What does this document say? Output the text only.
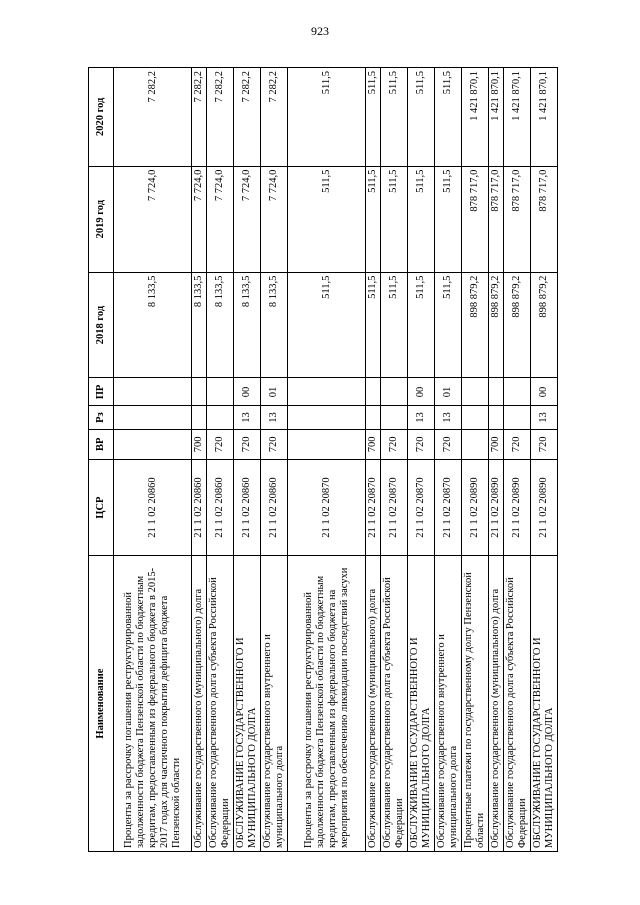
923
Наименование	ЦСР	ВР	Рз	ПР	2018 год	2019 год	2020 год
Проценты за рассрочку погашения реструктурированной задолженности бюджета Пензенской области по бюджетным кредитам, предоставленным из федерального бюджета в 2015-2017 годах для частичного покрытия дефицита бюджета Пензенской области	21 1 02 20860				8 133,5	7 724,0	7 282,2
Обслуживание государственного (муниципального) долга	21 1 02 20860	700			8 133,5	7 724,0	7 282,2
Обслуживание государственного долга субъекта Российской Федерации	21 1 02 20860	720			8 133,5	7 724,0	7 282,2
ОБСЛУЖИВАНИЕ ГОСУДАРСТВЕННОГО И МУНИЦИПАЛЬНОГО ДОЛГА	21 1 02 20860	720	13	00	8 133,5	7 724,0	7 282,2
Обслуживание государственного внутреннего и муниципального долга	21 1 02 20860	720	13	01	8 133,5	7 724,0	7 282,2
Проценты за рассрочку погашения реструктурированной задолженности бюджета Пензенской области по бюджетным кредитам, предоставленным из федерального бюджета на мероприятия по обеспечению ликвидации последствий засухи	21 1 02 20870				511,5	511,5	511,5
Обслуживание государственного (муниципального) долга	21 1 02 20870	700			511,5	511,5	511,5
Обслуживание государственного долга субъекта Российской Федерации	21 1 02 20870	720			511,5	511,5	511,5
ОБСЛУЖИВАНИЕ ГОСУДАРСТВЕННОГО И МУНИЦИПАЛЬНОГО ДОЛГА	21 1 02 20870	720	13	00	511,5	511,5	511,5
Обслуживание государственного внутреннего и муниципального долга	21 1 02 20870	720	13	01	511,5	511,5	511,5
Процентные платежи по государственному долгу Пензенской области	21 1 02 20890				898 879,2	878 717,0	1 421 870,1
Обслуживание государственного (муниципального) долга	21 1 02 20890	700			898 879,2	878 717,0	1 421 870,1
Обслуживание государственного долга субъекта Российской Федерации	21 1 02 20890	720			898 879,2	878 717,0	1 421 870,1
ОБСЛУЖИВАНИЕ ГОСУДАРСТВЕННОГО И МУНИЦИПАЛЬНОГО ДОЛГА	21 1 02 20890	720	13	00	898 879,2	878 717,0	1 421 870,1
